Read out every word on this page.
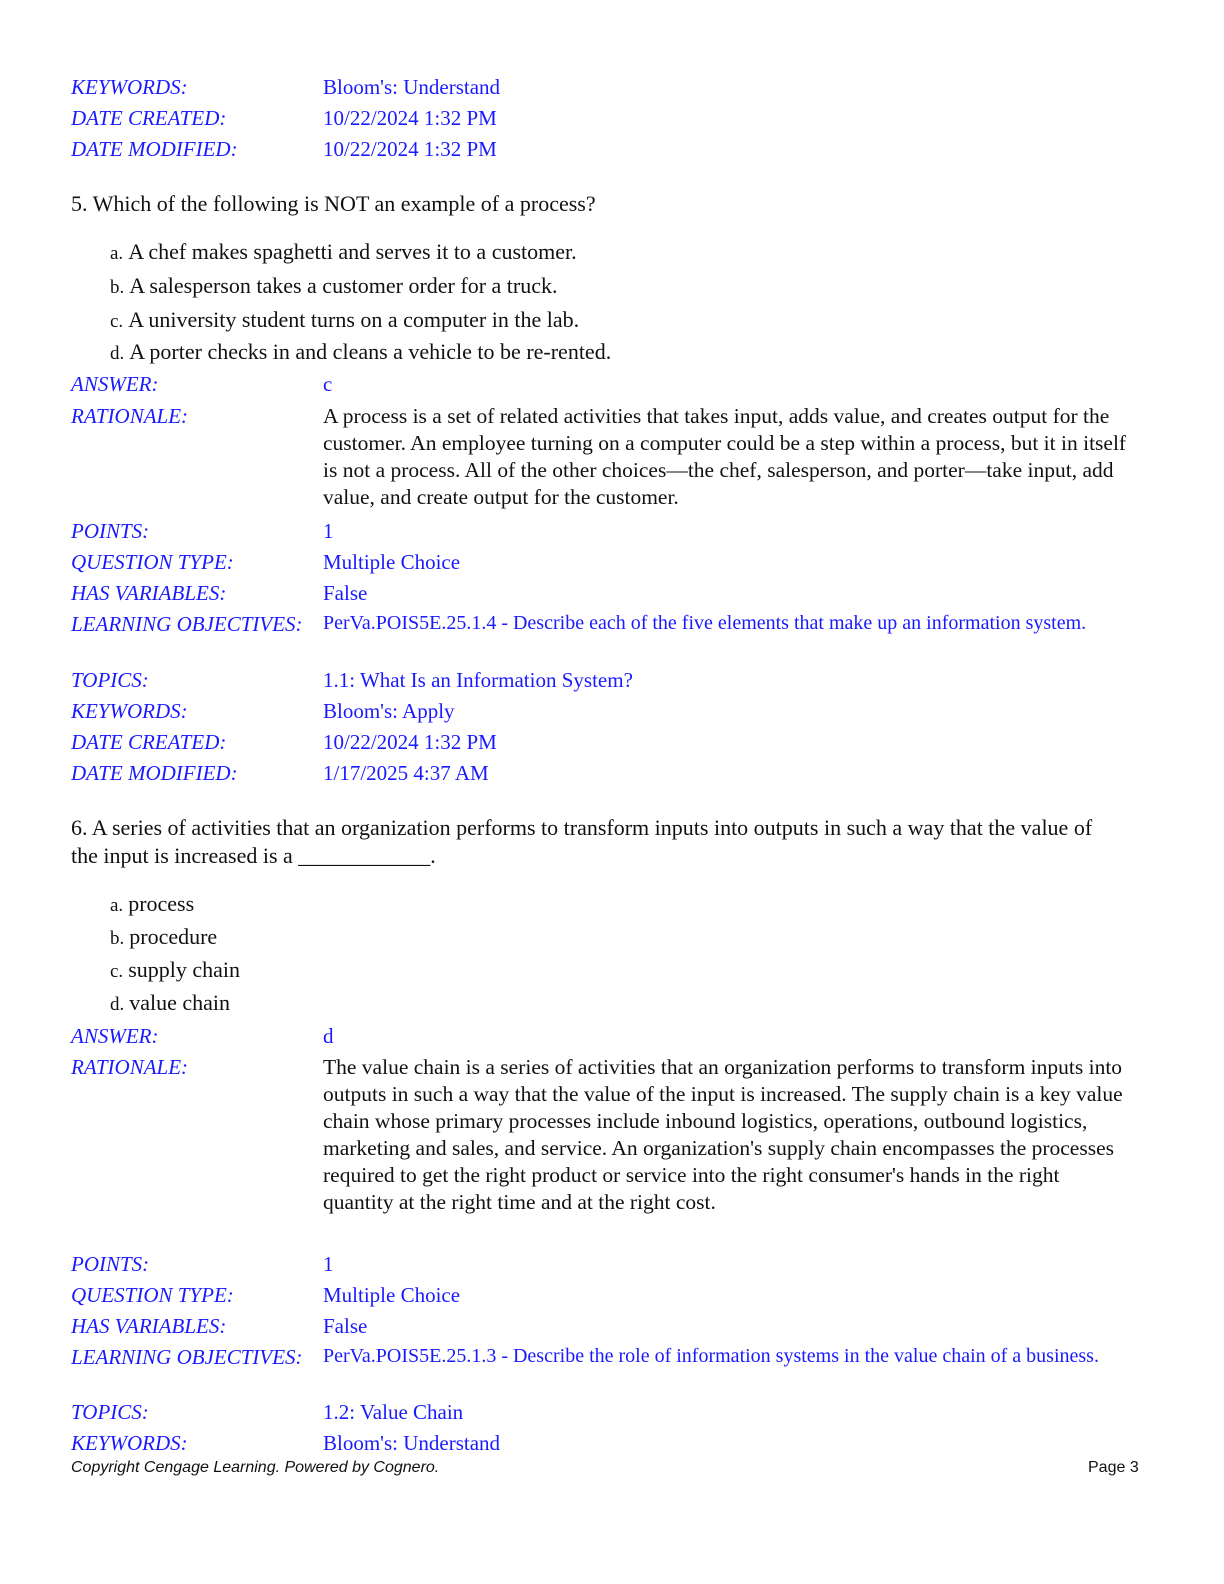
KEYWORDS:	Bloom's: Understand
DATE CREATED:	10/22/2024 1:32 PM
DATE MODIFIED:	10/22/2024 1:32 PM
5. Which of the following is NOT an example of a process?
a. A chef makes spaghetti and serves it to a customer.
b. A salesperson takes a customer order for a truck.
c. A university student turns on a computer in the lab.
d. A porter checks in and cleans a vehicle to be re-rented.
ANSWER:	c
RATIONALE:	A process is a set of related activities that takes input, adds value, and creates output for the customer. An employee turning on a computer could be a step within a process, but it in itself is not a process. All of the other choices—the chef, salesperson, and porter—take input, add value, and create output for the customer.
POINTS:	1
QUESTION TYPE:	Multiple Choice
HAS VARIABLES:	False
LEARNING OBJECTIVES: PerVa.POIS5E.25.1.4 - Describe each of the five elements that make up an information system.
TOPICS:	1.1: What Is an Information System?
KEYWORDS:	Bloom's: Apply
DATE CREATED:	10/22/2024 1:32 PM
DATE MODIFIED:	1/17/2025 4:37 AM
6. A series of activities that an organization performs to transform inputs into outputs in such a way that the value of the input is increased is a ____________.
a. process
b. procedure
c. supply chain
d. value chain
ANSWER:	d
RATIONALE:	The value chain is a series of activities that an organization performs to transform inputs into outputs in such a way that the value of the input is increased. The supply chain is a key value chain whose primary processes include inbound logistics, operations, outbound logistics, marketing and sales, and service. An organization's supply chain encompasses the processes required to get the right product or service into the right consumer's hands in the right quantity at the right time and at the right cost.
POINTS:	1
QUESTION TYPE:	Multiple Choice
HAS VARIABLES:	False
LEARNING OBJECTIVES: PerVa.POIS5E.25.1.3 - Describe the role of information systems in the value chain of a business.
TOPICS:	1.2: Value Chain
KEYWORDS:	Bloom's: Understand
Copyright Cengage Learning. Powered by Cognero.	Page 3
